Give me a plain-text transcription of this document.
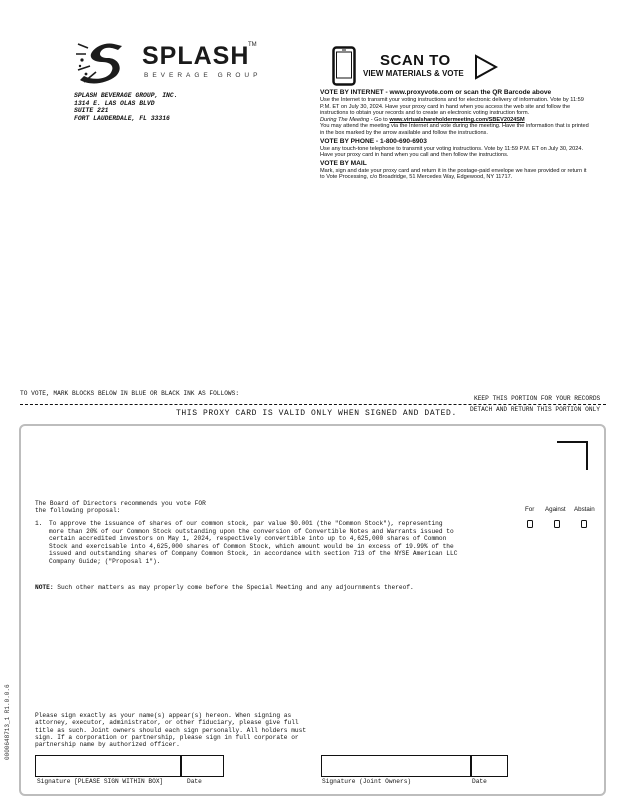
SPLASH
TM
BEVERAGE GROUP
SPLASH BEVERAGE GROUP, INC.
1314 E. LAS OLAS BLVD
SUITE 221
FORT LAUDERDALE, FL 33316
SCAN TO
VIEW MATERIALS & VOTE
VOTE BY INTERNET - www.proxyvote.com or scan the QR Barcode above
Use the Internet to transmit your voting instructions and for electronic delivery of information. Vote by 11:59 P.M. ET on July 30, 2024. Have your proxy card in hand when you access the web site and follow the instructions to obtain your records and to create an electronic voting instruction form.
During The Meeting - Go to www.virtualshareholdermeeting.com/SBEV2024SM
You may attend the meeting via the Internet and vote during the meeting. Have the information that is printed in the box marked by the arrow available and follow the instructions.
VOTE BY PHONE - 1-800-690-6903
Use any touch-tone telephone to transmit your voting instructions. Vote by 11:59 P.M. ET on July 30, 2024. Have your proxy card in hand when you call and then follow the instructions.
VOTE BY MAIL
Mark, sign and date your proxy card and return it in the postage-paid envelope we have provided or return it to Vote Processing, c/o Broadridge, 51 Mercedes Way, Edgewood, NY 11717.
TO VOTE, MARK BLOCKS BELOW IN BLUE OR BLACK INK AS FOLLOWS:
KEEP THIS PORTION FOR YOUR RECORDS
THIS PROXY CARD IS VALID ONLY WHEN SIGNED AND DATED. DETACH AND RETURN THIS PORTION ONLY
The Board of Directors recommends you vote FOR
the following proposal:	For Against Abstain
1. To approve the issuance of shares of our common stock, par value $0.001 (the "Common Stock"), representing
more than 20% of our Common Stock outstanding upon the conversion of Convertible Notes and Warrants issued to
certain accredited investors on May 1, 2024, respectively convertible into up to 4,625,000 shares of Common
Stock and exercisable into 4,625,000 shares of Common Stock, which amount would be in excess of 19.99% of the
issued and outstanding shares of Company Common Stock, in accordance with section 713 of the NYSE American LLC
Company Guide; ("Proposal 1").
NOTE: Such other matters as may properly come before the Special Meeting and any adjournments thereof.
Please sign exactly as your name(s) appear(s) hereon. When signing as
attorney, executor, administrator, or other fiduciary, please give full
title as such. Joint owners should each sign personally. All holders must
sign. If a corporation or partnership, please sign in full corporate or
partnership name by authorized officer.
Signature [PLEASE SIGN WITHIN BOX]	Date	Signature (Joint Owners)	Date
0000648713_1 R1.0.0.6
